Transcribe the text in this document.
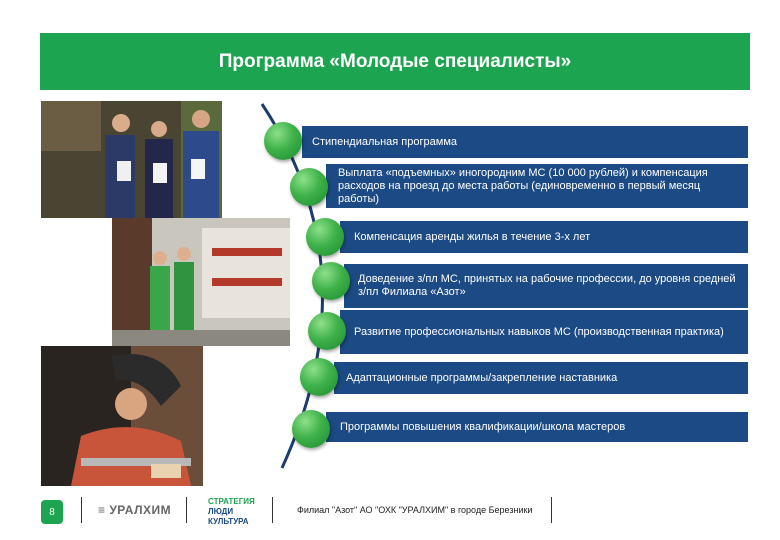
Программа «Молодые специалисты»
Стипендиальная программа
Выплата «подъемных» иногородним МС (10 000 рублей) и компенсация расходов на проезд до места работы (единовременно в первый месяц работы)
Компенсация аренды жилья в течение 3-х лет
Доведение з/пл МС, принятых на рабочие профессии, до уровня средней з/пл Филиала «Азот»
Развитие профессиональных навыков МС (производственная практика)
Адаптационные программы/закрепление наставника
Программы повышения квалификации/школа мастеров
8	≡ УРАЛХИМ
СТРАТЕГИЯ
ЛЮДИ
КУЛЬТУРА
Филиал "Азот" АО "ОХК "УРАЛХИМ" в городе Березники
